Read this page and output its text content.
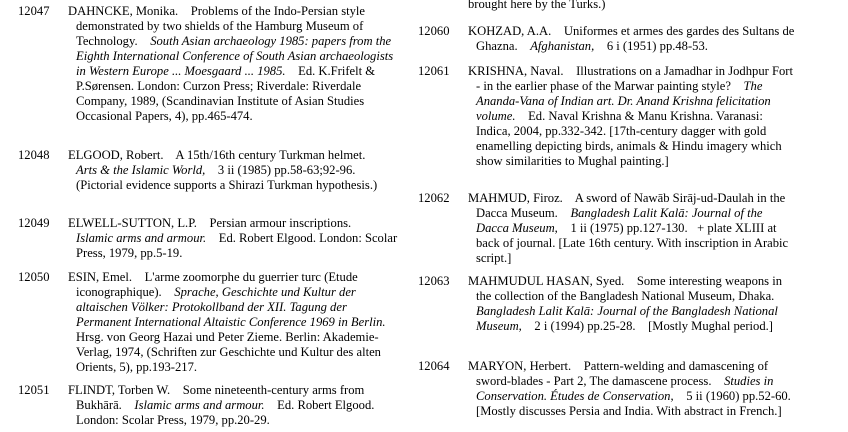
12047	DAHNCKE, Monika. Problems of the Indo-Persian style demonstrated by two shields of the Hamburg Museum of Technology. South Asian archaeology 1985: papers from the Eighth International Conference of South Asian archaeologists in Western Europe ... Moesgaard ... 1985. Ed. K.Frifelt & P.Sørensen. London: Curzon Press; Riverdale: Riverdale Company, 1989, (Scandinavian Institute of Asian Studies Occasional Papers, 4), pp.465-474.
12048	ELGOOD, Robert. A 15th/16th century Turkman helmet.    Arts & the Islamic World, 3 ii (1985) pp.58-63;92-96.   (Pictorial evidence supports a Shirazi Turkman hypothesis.)
12049	ELWELL-SUTTON, L.P. Persian armour inscriptions.    Islamic arms and armour. Ed. Robert Elgood. London: Scolar Press, 1979, pp.5-19.
12050	ESIN, Emel. L'arme zoomorphe du guerrier turc (Etude iconographique). Sprache, Geschichte und Kultur der altaischen Völker: Protokollband der XII. Tagung der Permanent International Altaistic Conference 1969 in Berlin.    Hrsg. von Georg Hazai und Peter Zieme. Berlin: Akademie-Verlag, 1974, (Schriften zur Geschichte und Kultur des alten Orients, 5), pp.193-217.
12051	FLINDT, Torben W. Some nineteenth-century arms from Bukhārā. Islamic arms and armour. Ed. Robert Elgood. London: Scolar Press, 1979, pp.20-29.
brought here by the Turks.)
12060	KOHZAD, A.A. Uniformes et armes des gardes des Sultans de Ghazna. Afghanistan, 6 i (1951) pp.48-53.
12061	KRISHNA, Naval. Illustrations on a Jamadhar in Jodhpur Fort - in the earlier phase of the Marwar painting style? The Ananda-Vana of Indian art. Dr. Anand Krishna felicitation volume. Ed. Naval Krishna & Manu Krishna. Varanasi: Indica, 2004, pp.332-342. [17th-century dagger with gold enamelling depicting birds, animals & Hindu imagery which show similarities to Mughal painting.]
12062	MAHMUD, Firoz. A sword of Nawāb Sirāj-ud-Daulah in the Dacca Museum. Bangladesh Lalit Kalā: Journal of the Dacca Museum, 1 ii (1975) pp.127-130.   + plate XLIII at back of journal. [Late 16th century. With inscription in Arabic script.]
12063	MAHMUDUL HASAN, Syed. Some interesting weapons in the collection of the Bangladesh National Museum, Dhaka.    Bangladesh Lalit Kalā: Journal of the Bangladesh National Museum, 2 i (1994) pp.25-28.    [Mostly Mughal period.]
12064	MARYON, Herbert. Pattern-welding and damascening of sword-blades - Part 2, The damascene process. Studies in Conservation. Études de Conservation, 5 ii (1960) pp.52-60.   [Mostly discusses Persia and India. With abstract in French.]
